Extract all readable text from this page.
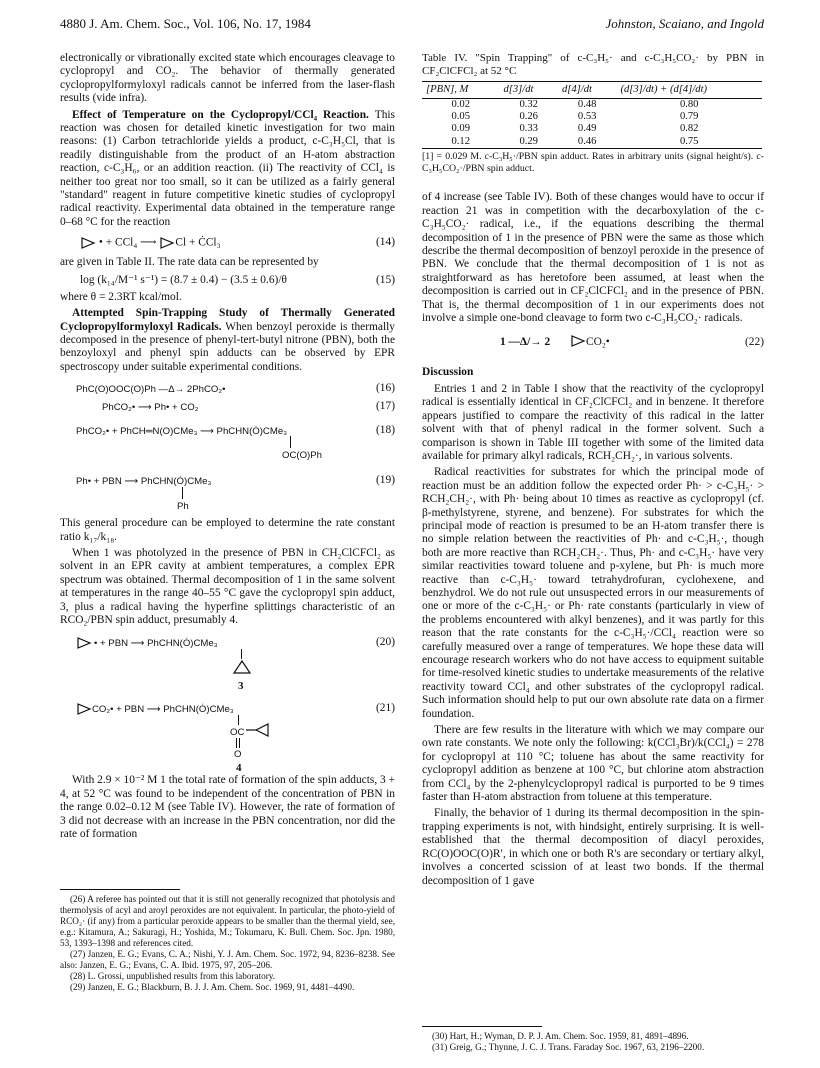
4880 J. Am. Chem. Soc., Vol. 106, No. 17, 1984	Johnston, Scaiano, and Ingold

electronically or vibrationally excited state which encourages cleavage to cyclopropyl and CO₂. The behavior of thermally generated cyclopropylformyloxyl radicals cannot be inferred from the laser-flash results (vide infra).

Effect of Temperature on the Cyclopropyl/CCl₄ Reaction. This reaction was chosen for detailed kinetic investigation for two main reasons: (1) Carbon tetrachloride yields a product, c-C₃H₅Cl, that is readily distinguishable from the product of an H-atom abstraction reaction, c-C₃H₆, or an addition reaction. (ii) The reactivity of CCl₄ is neither too great nor too small, so it can be utilized as a fairly general "standard" reagent in future competitive kinetic studies of cyclopropyl radical reactivity. Experimental data obtained in the temperature range 0–68 °C for the reaction

• + CCl₄ ⟶ Cl + ĊCl₃	(14)

are given in Table II. The rate data can be represented by

log (k₁₄/M⁻¹ s⁻¹) = (8.7 ± 0.4) − (3.5 ± 0.6)/θ	(15)

where θ = 2.3RT kcal/mol.

Attempted Spin-Trapping Study of Thermally Generated Cyclopropylformyloxyl Radicals. When benzoyl peroxide is thermally decomposed in the presence of phenyl-tert-butyl nitrone (PBN), both the benzoyloxyl and phenyl spin adducts can be observed by EPR spectroscopy under suitable experimental conditions.

PhC(O)OOC(O)Ph —Δ→ 2PhCO₂•	(16)
PhCO₂• ⟶ Ph• + CO₂	(17)
PhCO₂• + PhCH═N(O)CMe₃ ⟶ PhCHN(Ȯ)CMe₃	(18)
OC(O)Ph
Ph• + PBN ⟶ PhCHN(Ȯ)CMe₃	(19)
Ph

This general procedure can be employed to determine the rate constant ratio k₁₇/k₁₈.

When 1 was photolyzed in the presence of PBN in CH₂ClCFCl₂ as solvent in an EPR cavity at ambient temperatures, a complex EPR spectrum was obtained. Thermal decomposition of 1 in the same solvent at temperatures in the range 40–55 °C gave the cyclopropyl spin adduct, 3, plus a radical having the hyperfine splittings characteristic of an RCO₂/PBN spin adduct, presumably 4.

• + PBN ⟶ PhCHN(Ȯ)CMe₃	(20)
3
CO₂• + PBN ⟶ PhCHN(Ȯ)CMe₃	(21)
OC
O
4

With 2.9 × 10⁻² M 1 the total rate of formation of the spin adducts, 3 + 4, at 52 °C was found to be independent of the concentration of PBN in the range 0.02–0.12 M (see Table IV). However, the rate of formation of 3 did not decrease with an increase in the PBN concentration, nor did the rate of formation

(26) A referee has pointed out that it is still not generally recognized that photolysis and thermolysis of acyl and aroyl peroxides are not equivalent. In particular, the photo-yield of RCO₂· (if any) from a particular peroxide appears to be smaller than the thermal yield, see, e.g.: Kitamura, A.; Sakuragi, H.; Yoshida, M.; Tokumaru, K. Bull. Chem. Soc. Jpn. 1980, 53, 1393–1398 and references cited.
(27) Janzen, E. G.; Evans, C. A.; Nishi, Y. J. Am. Chem. Soc. 1972, 94, 8236–8238. See also: Janzen, E. G.; Evans, C. A. Ibid. 1975, 97, 205–206.
(28) L. Grossi, unpublished results from this laboratory.
(29) Janzen, E. G.; Blackburn, B. J. J. Am. Chem. Soc. 1969, 91, 4481–4490.

Table IV. "Spin Trapping" of c-C₃H₅· and c-C₃H₅CO₂· by PBN in CF₂ClCFCl₂ at 52 °C

[PBN], M	d[3]/dt	d[4]/dt	(d[3]/dt) + (d[4]/dt)
0.02	0.32	0.48	0.80
0.05	0.26	0.53	0.79
0.09	0.33	0.49	0.82
0.12	0.29	0.46	0.75

[1] = 0.029 M. c-C₃H₅·/PBN spin adduct. Rates in arbitrary units (signal height/s). c-C₃H₅CO₂·/PBN spin adduct.

of 4 increase (see Table IV). Both of these changes would have to occur if reaction 21 was in competition with the decarboxylation of the c-C₃H₅CO₂· radical, i.e., if the equations describing the thermal decomposition of 1 in the presence of PBN were the same as those which describe the thermal decomposition of benzoyl peroxide in the presence of PBN. We conclude that the thermal decomposition of 1 is not as straightforward as has heretofore been assumed, at least when the decomposition is carried out in CF₂ClCFCl₂ and in the presence of PBN. That is, the thermal decomposition of 1 in our experiments does not involve a simple one-bond cleavage to form two c-C₃H₅CO₂· radicals.

1 —Δ/→ 2	CO₂•	(22)
Discussion

Entries 1 and 2 in Table I show that the reactivity of the cyclopropyl radical is essentially identical in CF₂ClCFCl₂ and in benzene. It therefore appears justified to compare the reactivity of this radical in the latter solvent with that of phenyl radical in the former solvent. Such a comparison is shown in Table III together with some of the limited data available for primary alkyl radicals, RCH₂CH₂·, in various solvents.

Radical reactivities for substrates for which the principal mode of reaction must be an addition follow the expected order Ph· > c-C₃H₅· > RCH₂CH₂·, with Ph· being about 10 times as reactive as cyclopropyl (cf. β-methylstyrene, styrene, and benzene). For substrates for which the principal mode of reaction is presumed to be an H-atom transfer there is no simple relation between the reactivities of Ph· and c-C₃H₅·, though both are more reactive than RCH₂CH₂·. Thus, Ph· and c-C₃H₅· have very similar reactivities toward toluene and p-xylene, but Ph· is much more reactive than c-C₃H₅· toward tetrahydrofuran, cyclohexene, and benzhydrol. We do not rule out unsuspected errors in our measurements of one or more of the c-C₃H₅· or Ph· rate constants (particularly in view of the problems encountered with alkyl benzenes), and it was partly for this reason that the rate constants for the c-C₃H₅·/CCl₄ reaction were so carefully measured over a range of temperatures. We hope these data will encourage research workers who do not have access to equipment suitable for time-resolved kinetic studies to undertake measurements of the relative reactivity toward CCl₄ and other substrates of the cyclopropyl radical. Such information should help to put our own absolute rate data on a firmer foundation.

There are few results in the literature with which we may compare our own rate constants. We note only the following: k(CCl₃Br)/k(CCl₄) = 278 for cyclopropyl at 110 °C; toluene has about the same reactivity for cyclopropyl addition as benzene at 100 °C, but chlorine atom abstraction from CCl₄ by the 2-phenylcyclopropyl radical is purported to be 9 times faster than H-atom abstraction from toluene at this temperature.

Finally, the behavior of 1 during its thermal decomposition in the spin-trapping experiments is not, with hindsight, entirely surprising. It is well-established that the thermal decomposition of diacyl peroxides, RC(O)OOC(O)R′, in which one or both R's are secondary or tertiary alkyl, involves a concerted scission of at least two bonds. If the thermal decomposition of 1 gave

(30) Hart, H.; Wyman, D. P. J. Am. Chem. Soc. 1959, 81, 4891–4896.
(31) Greig, G.; Thynne, J. C. J. Trans. Faraday Soc. 1967, 63, 2196–2200.
